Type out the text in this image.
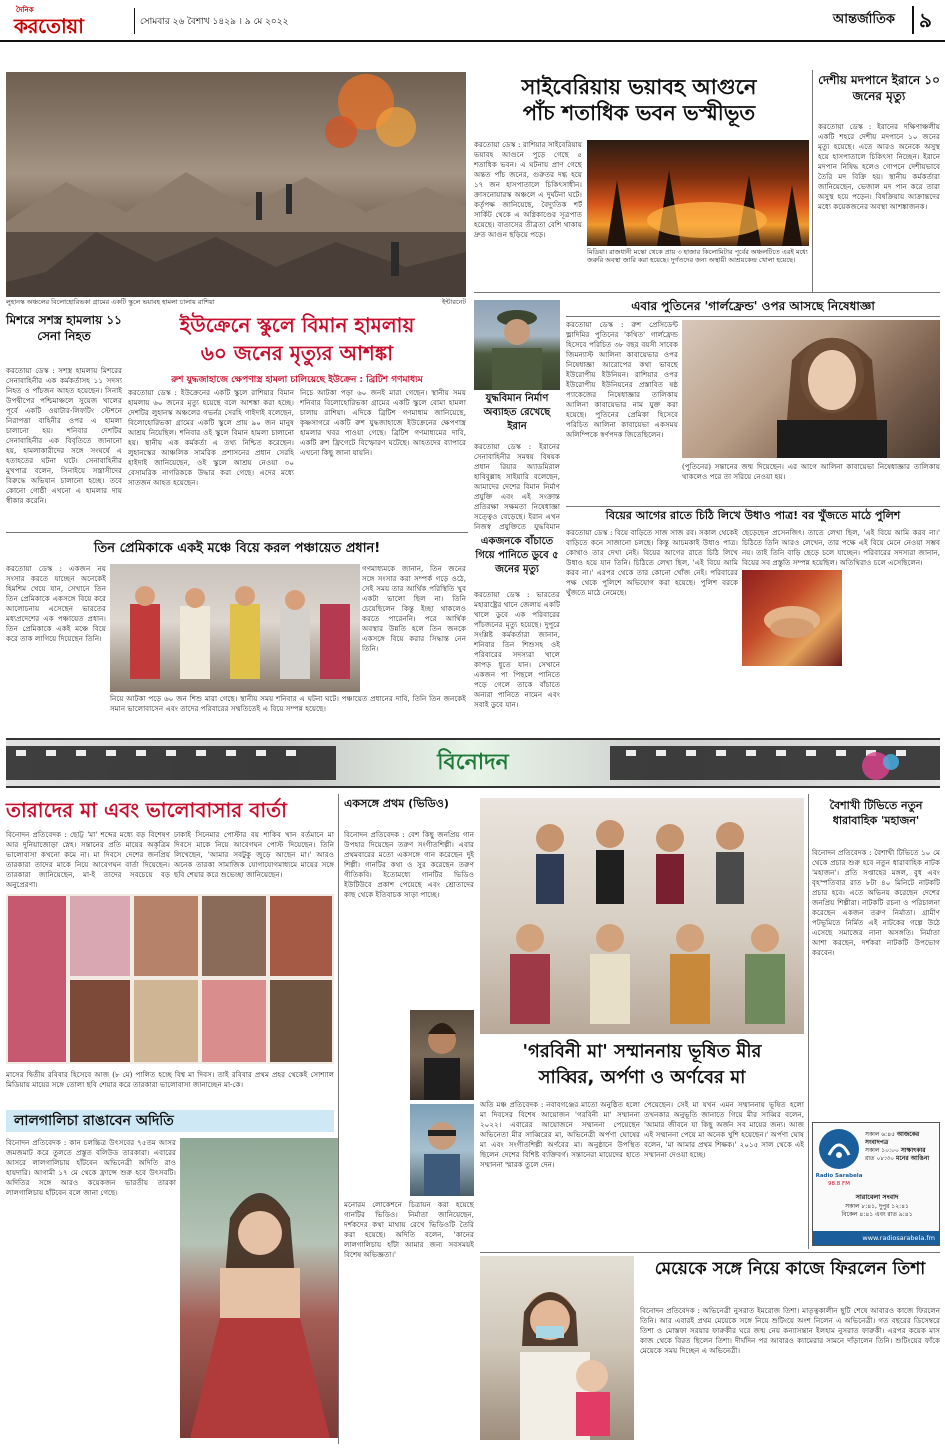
দৈনিক
করতোয়া	সোমবার ২৬ বৈশাখ ১৪২৯ । ৯ মে ২০২২	আন্তর্জাতিক	৯
লুহানস্ক অঞ্চলের বিলোহোরিভকা গ্রামের একটি স্কুলে ভয়াবহ হামলা চালায় রাশিয়া	ইন্টারনেট
সাইবেরিয়ায় ভয়াবহ আগুনে
পাঁচ শতাধিক ভবন ভস্মীভূত
করতোয়া ডেস্ক : রাশিয়ার সাইবেরিয়ায় ভয়াবহ আগুনে পুড়ে গেছে ৫ শতাধিক ভবন। এ ঘটনায় প্রাণ গেছে অন্তত পাঁচ জনের, গুরুতর দগ্ধ হয়ে ১৭ জন হাসপাতালে চিকিৎসাধীন। ক্রাসনোয়ারস্ক অঞ্চলে এ দুর্ঘটনা ঘটে। কর্তৃপক্ষ জানিয়েছে, বৈদ্যুতিক শর্ট সার্কিট থেকে এ অগ্নিকাণ্ডের সূত্রপাত হয়েছে। বাতাসের তীব্রতা বেশি থাকায় দ্রুত আগুন ছড়িয়ে পড়ে।
মিডিয়া। রাজধানী মস্কো থেকে প্রায় ৩ হাজার কিলোমিটার পূর্বের অঞ্চলটিতে এরই মধ্যে জরুরি অবস্থা জারি করা হয়েছে। দুর্গতদের জন্য অস্থায়ী আশ্রয়কেন্দ্র খোলা হয়েছে।
দেশীয় মদপানে ইরানে ১০ জনের মৃত্যু
করতোয়া ডেস্ক : ইরানের দক্ষিণাঞ্চলীয় একটি শহরে দেশীয় মদপানে ১০ জনের মৃত্যু হয়েছে। এতে আরও অনেকে অসুস্থ হয়ে হাসপাতালে চিকিৎসা নিচ্ছেন। ইরানে মদপান নিষিদ্ধ হলেও গোপনে দেশীয়ভাবে তৈরি মদ বিক্রি হয়। স্থানীয় কর্মকর্তারা জানিয়েছেন, ভেজাল মদ পান করে তারা অসুস্থ হয়ে পড়েন। বিষক্রিয়ায় আক্রান্তদের মধ্যে কয়েকজনের অবস্থা আশঙ্কাজনক।
মিশরে সশস্ত্র হামলায় ১১ সেনা নিহত
করতোয়া ডেস্ক : সশস্ত্র হামলায় মিশরের সেনাবাহিনীর এক কর্মকর্তাসহ ১১ সদস্য নিহত ও পাঁচজন আহত হয়েছেন। সিনাই উপদ্বীপের পশ্চিমাঞ্চলে সুয়েজ খালের পূর্বে একটি ওয়াটার-লিফটিং স্টেশনে নিরাপত্তা বাহিনীর ওপর এ হামলা চালানো হয়। শনিবার দেশটির সেনাবাহিনীর এক বিবৃতিতে জানানো হয়, হামলাকারীদের সঙ্গে সংঘর্ষে এ হতাহতের ঘটনা ঘটে। সেনাবাহিনীর মুখপাত্র বলেন, সিনাইয়ে সন্ত্রাসীদের বিরুদ্ধে অভিযান চালানো হচ্ছে। তবে কোনো গোষ্ঠী এখনো এ হামলার দায় স্বীকার করেনি।
ইউক্রেনে স্কুলে বিমান হামলায়
৬০ জনের মৃত্যুর আশঙ্কা
রুশ যুদ্ধজাহাজে ক্ষেপণাস্ত্র হামলা চালিয়েছে ইউক্রেন : ব্রিটিশ গণমাধ্যম
করতোয়া ডেস্ক : ইউক্রেনের একটি স্কুলে রাশিয়ার বিমান হামলায় ৬০ জনের মৃত্যু হয়েছে বলে আশঙ্কা করা হচ্ছে। দেশটির লুহানস্ক অঞ্চলের গভর্নর সেরহি গাইদাই বলেছেন, বিলোহোরিভকা গ্রামের একটি স্কুলে প্রায় ৯০ জন মানুষ আশ্রয় নিয়েছিল। শনিবার ওই স্কুলে বিমান হামলা চালানো হয়। স্থানীয় এক কর্মকর্তা এ তথ্য নিশ্চিত করেছেন। লুহানস্কের আঞ্চলিক সামরিক প্রশাসনের প্রধান সেরহি হাইদাই জানিয়েছেন, ওই স্কুলে আশ্রয় নেওয়া ৩০ বেসামরিক নাগরিককে উদ্ধার করা গেছে। এদের মধ্যে সাতজন আহত হয়েছেন।
নিচে আটকা পড়া ৬০ জনই মারা গেছেন। স্থানীয় সময় শনিবার বিলোহোরিভকা গ্রামের একটি স্কুলে বোমা হামলা চালায় রাশিয়া। এদিকে ব্রিটিশ গণমাধ্যম জানিয়েছে, কৃষ্ণসাগরে একটি রুশ যুদ্ধজাহাজে ইউক্রেনের ক্ষেপণাস্ত্র হামলার খবর পাওয়া গেছে। ব্রিটিশ গণমাধ্যমের দাবি, একটি রুশ ফ্রিগেটে বিস্ফোরণ ঘটেছে। আহতদের ব্যাপারে এখনো কিছু জানা যায়নি।
যুদ্ধবিমান নির্মাণ অব্যাহত রেখেছে ইরান
করতোয়া ডেস্ক : ইরানের সেনাবাহিনীর সমন্বয় বিষয়ক প্রধান রিয়ার অ্যাডমিরাল হাবিবুল্লাহ সাইয়ারি বলেছেন, আমাদের দেশের বিমান নির্মাণ প্রযুক্তি এবং এই সংক্রান্ত প্রতিরক্ষা সক্ষমতা নিষেধাজ্ঞা সত্ত্বেও বেড়েছে। ইরান এখন নিজস্ব প্রযুক্তিতে যুদ্ধবিমান
এবার পুতিনের 'গার্লফ্রেন্ড' ওপর আসছে নিষেধাজ্ঞা
করতোয়া ডেস্ক : রুশ প্রেসিডেন্ট ভ্লাদিমির পুতিনের 'কথিত' গার্লফ্রেন্ড হিসেবে পরিচিত ৩৮ বছর বয়সী সাবেক জিমন্যাস্ট আলিনা কাবায়েভার ওপর নিষেধাজ্ঞা আরোপের কথা ভাবছে ইউরোপীয় ইউনিয়ন। রাশিয়ার ওপর ইউরোপীয় ইউনিয়নের প্রস্তাবিত ষষ্ঠ প্যাকেজের নিষেধাজ্ঞার তালিকায় আলিনা কাবায়েভার নাম যুক্ত করা হয়েছে। পুতিনের প্রেমিকা হিসেবে পরিচিত আলিনা কাবায়েভা একসময় অলিম্পিকে স্বর্ণপদক জিতেছিলেন।
(পুতিনের) সন্তানের জন্ম দিয়েছেন। এর আগে আলিনা কাবায়েভা নিষেধাজ্ঞার তালিকায় থাকলেও পরে তা সরিয়ে নেওয়া হয়।
একজনকে বাঁচাতে গিয়ে পানিতে ডুবে ৫ জনের মৃত্যু
করতোয়া ডেস্ক : ভারতের মহারাষ্ট্রের থানে জেলায় একটি খালে ডুবে এক পরিবারের পাঁচজনের মৃত্যু হয়েছে। দুপুরে সংশ্লিষ্ট কর্মকর্তারা জানান, শনিবার তিন শিশুসহ ওই পরিবারের সদস্যরা খালে কাপড় ধুতে যান। সেখানে একজন পা পিছলে পানিতে পড়ে গেলে তাকে বাঁচাতে অন্যরা পানিতে নামেন এবং সবাই ডুবে যান।
বিয়ের আগের রাতে চিঠি লিখে উধাও পাত্র! বর খুঁজতে মাঠে পুলিশ
করতোয়া ডেস্ক : বিয়ে বাড়িতে সাজ সাজ রব। সকাল থেকেই বাড়িতে কনে সাজানো চলছে। কিন্তু আচমকাই উধাও পাত্র। কোথাও তার দেখা নেই। বিয়ের আগের রাতে চিঠি লিখে উধাও হয়ে যান তিনি। চিঠিতে লেখা ছিল, 'এই বিয়ে আমি করব না।' এরপর থেকে তার কোনো খোঁজ নেই। পরিবারের পক্ষ থেকে পুলিশে অভিযোগ করা হয়েছে। পুলিশ বরকে খুঁজতে মাঠে নেমেছে।
ছেড়েছেন প্রসেনজিৎ। তাতে লেখা ছিল, 'এই বিয়ে আমি করব না।' চিঠিতে তিনি আরও লেখেন, তার পক্ষে এই বিয়ে মেনে নেওয়া সম্ভব নয়। তাই তিনি বাড়ি ছেড়ে চলে যাচ্ছেন। পরিবারের সদস্যরা জানান, বিয়ের সব প্রস্তুতি সম্পন্ন হয়েছিল। অতিথিরাও চলে এসেছিলেন।
তিন প্রেমিকাকে একই মঞ্চে বিয়ে করল পঞ্চায়েত প্রধান!
করতোয়া ডেস্ক : একজন নয় সংসার করতে যাচ্ছেন অনেকেই হিমশিম খেয়ে যান, সেখানে তিন তিন প্রেমিকাকে একসঙ্গে বিয়ে করে আলোচনায় এসেছেন ভারতের মধ্যপ্রদেশের এক পঞ্চায়েত প্রধান। তিন প্রেমিকাকে একই মঞ্চে বিয়ে করে তাক লাগিয়ে দিয়েছেন তিনি।
গণমাধ্যমকে জানান, তিন জনের সঙ্গে সংসার করা সম্পর্ক গড়ে ওঠে, সেই সময় তার আর্থিক পরিস্থিতি খুব একটা ভালো ছিল না। তিনি চেয়েছিলেন কিন্তু ইচ্ছা থাকলেও করতে পারেননি। পরে আর্থিক অবস্থার উন্নতি হলে তিন জনকে একসঙ্গে বিয়ে করার সিদ্ধান্ত নেন তিনি।
নিয়ে আটকা পড়ে ৬০ জন শিশু মারা গেছে। স্থানীয় সময় শনিবার এ ঘটনা ঘটে। পঞ্চায়েত প্রধানের দাবি, তিনি তিন জনকেই সমান ভালোবাসেন এবং তাদের পরিবারের সম্মতিতেই এ বিয়ে সম্পন্ন হয়েছে।
বিনোদন
তারাদের মা এবং ভালোবাসার বার্তা
বিনোদন প্রতিবেদক : ছোট্ট 'মা' শব্দের মধ্যে বড় বিশেষণ আর দুনিয়াজোড়া স্নেহ। সন্তানের প্রতি মায়ের অকৃত্রিম ভালোবাসা কখনো কমে না। মা দিবসে দেশের জনপ্রিয় তারকারা তাদের মাকে নিয়ে আবেগঘন বার্তা দিয়েছেন। তারকারা জানিয়েছেন, মা-ই তাদের সবচেয়ে বড় অনুপ্রেরণা।
ঢাকাই সিনেমার পোস্টার বয় শাকিব খান বর্তমানে মা দিবসে মাকে নিয়ে আবেগঘন পোস্ট দিয়েছেন। তিনি লিখেছেন, 'আমার সবটুকু জুড়ে আছেন মা।' আরও অনেক তারকা সামাজিক যোগাযোগমাধ্যমে মায়ের সঙ্গে ছবি শেয়ার করে শুভেচ্ছা জানিয়েছেন।
মাসের দ্বিতীয় রবিবার হিসেবে আজ (৮ মে) পালিত হচ্ছে বিশ্ব মা দিবস। তাই রবিবার প্রথম প্রহর থেকেই সোশ্যাল মিডিয়ায় মায়ের সঙ্গে তোলা ছবি শেয়ার করে তারকারা ভালোবাসা জানাচ্ছেন মা-কে।
একসঙ্গে প্রথম (ভিডিও)
বিনোদন প্রতিবেদক : বেশ কিছু জনপ্রিয় গান উপহার দিয়েছেন তরুণ সংগীতশিল্পী। এবার প্রথমবারের মতো একসঙ্গে গান করেছেন দুই শিল্পী। গানটির কথা ও সুর করেছেন তরুণ গীতিকবি। ইতোমধ্যে গানটির ভিডিও ইউটিউবে প্রকাশ পেয়েছে এবং শ্রোতাদের কাছ থেকে ইতিবাচক সাড়া পাচ্ছে।
'গরবিনী মা' সম্মাননায় ভূষিত মীর
সাব্বির, অর্পণা ও অর্ণবের মা
অতি মঞ্চ প্রতিবেদক : নবাবগঞ্জের মাতো অনুষ্ঠিত হলো মা দিবসের বিশেষ আয়োজন 'গরবিনী মা' সম্মাননা ২০২২। এবারের আয়োজনে সম্মাননা পেয়েছেন অভিনেতা মীর সাব্বিরের মা, অভিনেত্রী অর্পণা ঘোষের মা এবং সংগীতশিল্পী অর্ণবের মা। অনুষ্ঠানে উপস্থিত ছিলেন দেশের বিশিষ্ট ব্যক্তিবর্গ। সন্তানেরা মায়েদের হাতে সম্মাননা স্মারক তুলে দেন।
পেয়েছেন। সেই মা যখন এমন সম্মাননায় ভূষিত হলো তখনকার অনুভূতি জানাতে গিয়ে মীর সাব্বির বলেন, 'আমার জীবনে যা কিছু অর্জন সব মায়ের জন্য। আজ এই সম্মাননা পেয়ে মা অনেক খুশি হয়েছেন।' অর্পণা ঘোষ বলেন, 'মা আমার প্রথম শিক্ষক।' ২০১৫ সাল থেকে এই সম্মাননা দেওয়া হচ্ছে।
বৈশাখী টিভিতে নতুন ধারাবাহিক 'মহাজন'
বিনোদন প্রতিবেদক : বৈশাখী টিভিতে ১০ মে থেকে প্রচার শুরু হবে নতুন ধারাবাহিক নাটক 'মহাজন'। প্রতি সপ্তাহের মঙ্গল, বুধ এবং বৃহস্পতিবার রাত ৮টা ৪০ মিনিটে নাটকটি প্রচার হবে। এতে অভিনয় করেছেন দেশের জনপ্রিয় শিল্পীরা। নাটকটি রচনা ও পরিচালনা করেছেন একজন তরুণ নির্মাতা। গ্রামীণ পটভূমিতে নির্মিত এই নাটকের গল্পে উঠে এসেছে সমাজের নানা অসঙ্গতি। নির্মাতা আশা করছেন, দর্শকরা নাটকটি উপভোগ করবেন।
Radio Sarabela
98.8 FM
সকাল ৬:৪৫ আজকের সংবাদপত্র
সকাল ১০:০০ সাক্ষাৎকার
রাত ০৮:৩০ মনের আঙিনা
সারাবেলা সংবাদ
সকাল ৮:৪১, দুপুর ১২:৪১
বিকেল ৪:৪১ এবং রাত ৯:৪১
www.radiosarabela.fm
লালগালিচা রাঙাবেন অদিতি
বিনোদন প্রতিবেদক : কান চলচ্চিত্র উৎসবের ৭৫তম আসর জমজমাট করে তুলতে প্রস্তুত বলিউড তারকারা। এবারের আসরে লালগালিচায় হাঁটবেন অভিনেত্রী অদিতি রাও হায়দারি। আগামী ১৭ মে থেকে ফ্রান্সে শুরু হবে উৎসবটি। অদিতির সঙ্গে আরও কয়েকজন ভারতীয় তারকা লালগালিচায় হাঁটবেন বলে জানা গেছে।
মনোরম লোকেশনে চিত্রায়ন করা হয়েছে গানটির ভিডিও। নির্মাতা জানিয়েছেন, দর্শকদের কথা মাথায় রেখে ভিডিওটি তৈরি করা হয়েছে। অদিতি বলেন, 'কানের লালগালিচায় হাঁটা আমার জন্য সবসময়ই বিশেষ অভিজ্ঞতা।'
মেয়েকে সঙ্গে নিয়ে কাজে ফিরলেন তিশা
বিনোদন প্রতিবেদক : অভিনেত্রী নুসরাত ইমরোজ তিশা। মাতৃত্বকালীন ছুটি শেষে আবারও কাজে ফিরলেন তিনি। আর এবারই প্রথম মেয়েকে সঙ্গে নিয়ে শুটিংয়ে অংশ নিলেন এ অভিনেত্রী। গত বছরের ডিসেম্বরে তিশা ও মোস্তফা সরয়ার ফারুকীর ঘরে জন্ম নেয় কন্যাসন্তান ইলহাম নুসরাত ফারুকী। এরপর কয়েক মাস কাজ থেকে বিরত ছিলেন তিশা। দীর্ঘদিন পর আবারও ক্যামেরার সামনে দাঁড়ালেন তিনি। শুটিংয়ের ফাঁকে মেয়েকে সময় দিচ্ছেন এ অভিনেত্রী।
